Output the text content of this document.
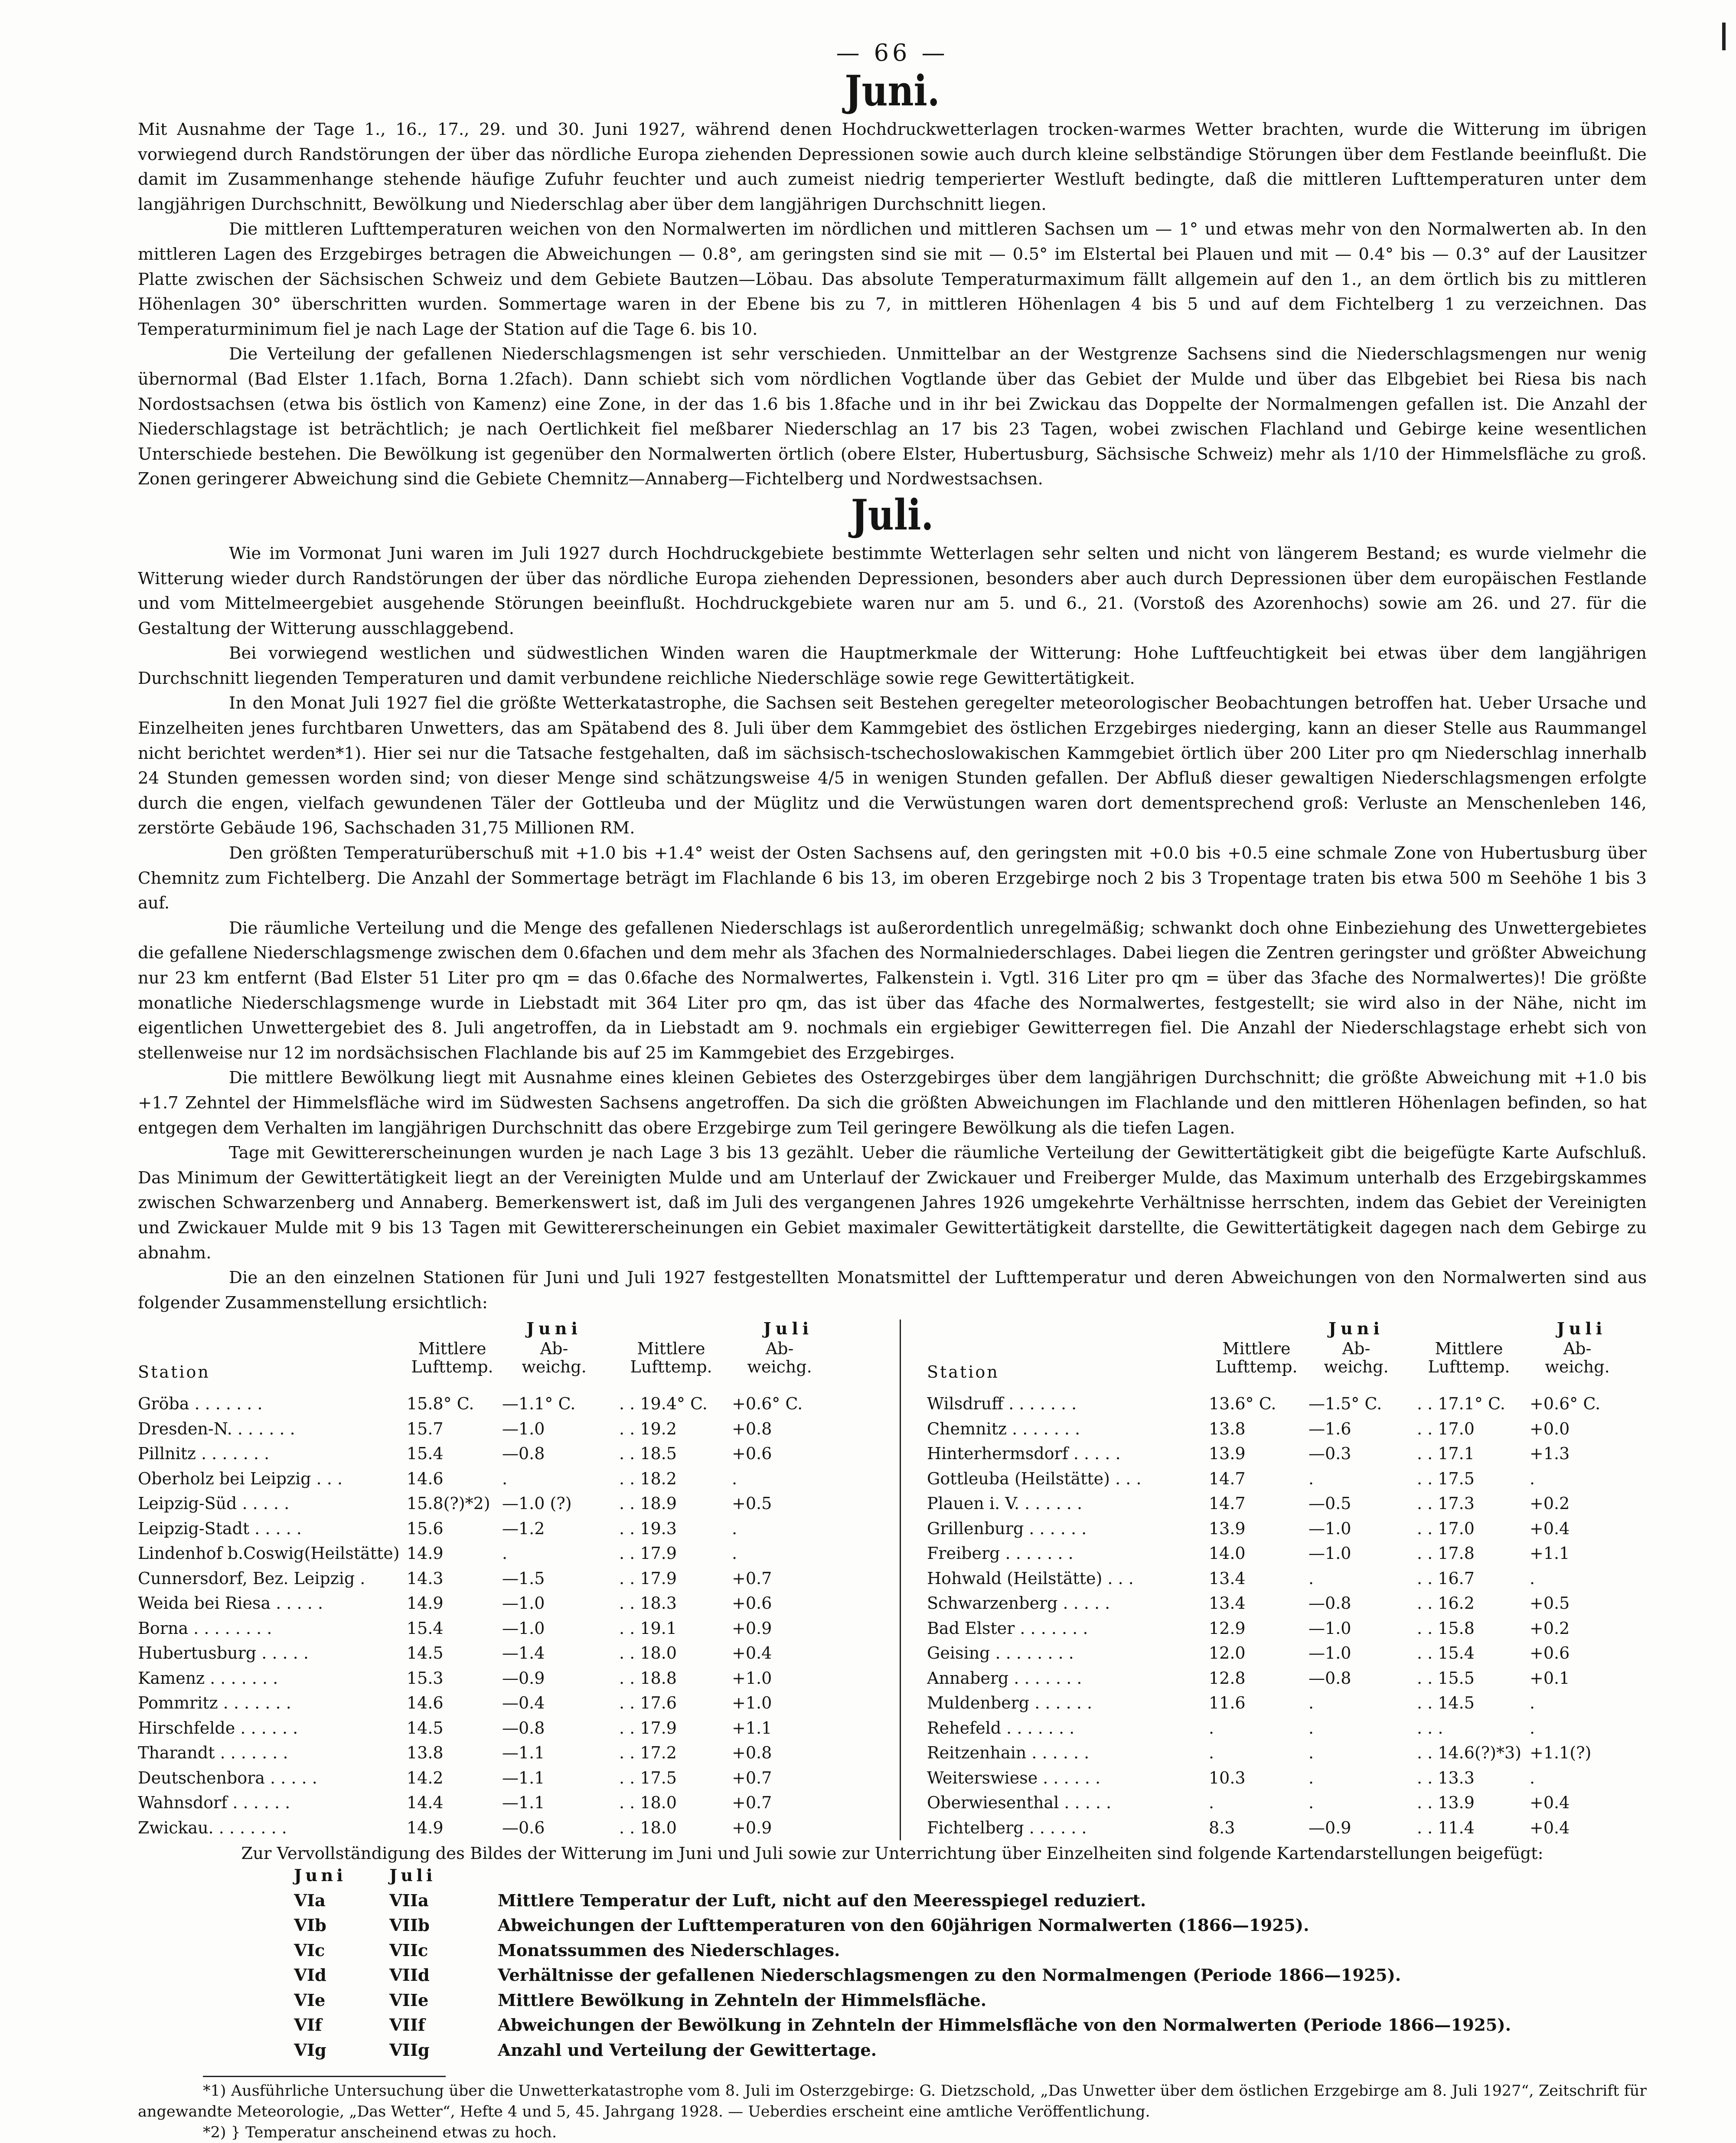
— 66 —
Juni.

Mit Ausnahme der Tage 1., 16., 17., 29. und 30. Juni 1927, während denen Hochdruckwetterlagen trocken-warmes Wetter brachten, wurde die Witterung im übrigen vorwiegend durch Randstörungen der über das nördliche Europa ziehenden Depressionen sowie auch durch kleine selbständige Störungen über dem Festlande beeinflußt. Die damit im Zusammenhange stehende häufige Zufuhr feuchter und auch zumeist niedrig temperierter Westluft bedingte, daß die mittleren Lufttemperaturen unter dem langjährigen Durchschnitt, Bewölkung und Niederschlag aber über dem langjährigen Durchschnitt liegen.

Die mittleren Lufttemperaturen weichen von den Normalwerten im nördlichen und mittleren Sachsen um — 1° und etwas mehr von den Normalwerten ab. In den mittleren Lagen des Erzgebirges betragen die Abweichungen — 0.8°, am geringsten sind sie mit — 0.5° im Elstertal bei Plauen und mit — 0.4° bis — 0.3° auf der Lausitzer Platte zwischen der Sächsischen Schweiz und dem Gebiete Bautzen—Löbau. Das absolute Temperaturmaximum fällt allgemein auf den 1., an dem örtlich bis zu mittleren Höhenlagen 30° überschritten wurden. Sommertage waren in der Ebene bis zu 7, in mittleren Höhenlagen 4 bis 5 und auf dem Fichtelberg 1 zu verzeichnen. Das Temperaturminimum fiel je nach Lage der Station auf die Tage 6. bis 10.

Die Verteilung der gefallenen Niederschlagsmengen ist sehr verschieden. Unmittelbar an der Westgrenze Sachsens sind die Niederschlagsmengen nur wenig übernormal (Bad Elster 1.1fach, Borna 1.2fach). Dann schiebt sich vom nördlichen Vogtlande über das Gebiet der Mulde und über das Elbgebiet bei Riesa bis nach Nordostsachsen (etwa bis östlich von Kamenz) eine Zone, in der das 1.6 bis 1.8fache und in ihr bei Zwickau das Doppelte der Normalmengen gefallen ist. Die Anzahl der Niederschlagstage ist beträchtlich; je nach Oertlichkeit fiel meßbarer Niederschlag an 17 bis 23 Tagen, wobei zwischen Flachland und Gebirge keine wesentlichen Unterschiede bestehen. Die Bewölkung ist gegenüber den Normalwerten örtlich (obere Elster, Hubertusburg, Sächsische Schweiz) mehr als 1/10 der Himmelsfläche zu groß. Zonen geringerer Abweichung sind die Gebiete Chemnitz—Annaberg—Fichtelberg und Nordwestsachsen.

Juli.

Wie im Vormonat Juni waren im Juli 1927 durch Hochdruckgebiete bestimmte Wetterlagen sehr selten und nicht von längerem Bestand; es wurde vielmehr die Witterung wieder durch Randstörungen der über das nördliche Europa ziehenden Depressionen, besonders aber auch durch Depressionen über dem europäischen Festlande und vom Mittelmeergebiet ausgehende Störungen beeinflußt. Hochdruckgebiete waren nur am 5. und 6., 21. (Vorstoß des Azorenhochs) sowie am 26. und 27. für die Gestaltung der Witterung ausschlaggebend.

Bei vorwiegend westlichen und südwestlichen Winden waren die Hauptmerkmale der Witterung: Hohe Luftfeuchtigkeit bei etwas über dem langjährigen Durchschnitt liegenden Temperaturen und damit verbundene reichliche Niederschläge sowie rege Gewittertätigkeit.

In den Monat Juli 1927 fiel die größte Wetterkatastrophe, die Sachsen seit Bestehen geregelter meteorologischer Beobachtungen betroffen hat. Ueber Ursache und Einzelheiten jenes furchtbaren Unwetters, das am Spätabend des 8. Juli über dem Kammgebiet des östlichen Erzgebirges niederging, kann an dieser Stelle aus Raummangel nicht berichtet werden*1). Hier sei nur die Tatsache festgehalten, daß im sächsisch-tschechoslowakischen Kammgebiet örtlich über 200 Liter pro qm Niederschlag innerhalb 24 Stunden gemessen worden sind; von dieser Menge sind schätzungsweise 4/5 in wenigen Stunden gefallen. Der Abfluß dieser gewaltigen Niederschlagsmengen erfolgte durch die engen, vielfach gewundenen Täler der Gottleuba und der Müglitz und die Verwüstungen waren dort dementsprechend groß: Verluste an Menschenleben 146, zerstörte Gebäude 196, Sachschaden 31,75 Millionen RM.

Den größten Temperaturüberschuß mit +1.0 bis +1.4° weist der Osten Sachsens auf, den geringsten mit +0.0 bis +0.5 eine schmale Zone von Hubertusburg über Chemnitz zum Fichtelberg. Die Anzahl der Sommertage beträgt im Flachlande 6 bis 13, im oberen Erzgebirge noch 2 bis 3 Tropentage traten bis etwa 500 m Seehöhe 1 bis 3 auf.

Die räumliche Verteilung und die Menge des gefallenen Niederschlags ist außerordentlich unregelmäßig; schwankt doch ohne Einbeziehung des Unwettergebietes die gefallene Niederschlagsmenge zwischen dem 0.6fachen und dem mehr als 3fachen des Normalniederschlages. Dabei liegen die Zentren geringster und größter Abweichung nur 23 km entfernt (Bad Elster 51 Liter pro qm = das 0.6fache des Normalwertes, Falkenstein i. Vgtl. 316 Liter pro qm = über das 3fache des Normalwertes)! Die größte monatliche Niederschlagsmenge wurde in Liebstadt mit 364 Liter pro qm, das ist über das 4fache des Normalwertes, festgestellt; sie wird also in der Nähe, nicht im eigentlichen Unwettergebiet des 8. Juli angetroffen, da in Liebstadt am 9. nochmals ein ergiebiger Gewitterregen fiel. Die Anzahl der Niederschlagstage erhebt sich von stellenweise nur 12 im nordsächsischen Flachlande bis auf 25 im Kammgebiet des Erzgebirges.

Die mittlere Bewölkung liegt mit Ausnahme eines kleinen Gebietes des Osterzgebirges über dem langjährigen Durchschnitt; die größte Abweichung mit +1.0 bis +1.7 Zehntel der Himmelsfläche wird im Südwesten Sachsens angetroffen. Da sich die größten Abweichungen im Flachlande und den mittleren Höhenlagen befinden, so hat entgegen dem Verhalten im langjährigen Durchschnitt das obere Erzgebirge zum Teil geringere Bewölkung als die tiefen Lagen.

Tage mit Gewittererscheinungen wurden je nach Lage 3 bis 13 gezählt. Ueber die räumliche Verteilung der Gewittertätigkeit gibt die beigefügte Karte Aufschluß. Das Minimum der Gewittertätigkeit liegt an der Vereinigten Mulde und am Unterlauf der Zwickauer und Freiberger Mulde, das Maximum unterhalb des Erzgebirgskammes zwischen Schwarzenberg und Annaberg. Bemerkenswert ist, daß im Juli des vergangenen Jahres 1926 umgekehrte Verhältnisse herrschten, indem das Gebiet der Vereinigten und Zwickauer Mulde mit 9 bis 13 Tagen mit Gewittererscheinungen ein Gebiet maximaler Gewittertätigkeit darstellte, die Gewittertätigkeit dagegen nach dem Gebirge zu abnahm.

Die an den einzelnen Stationen für Juni und Juli 1927 festgestellten Monatsmittel der Lufttemperatur und deren Abweichungen von den Normalwerten sind aus folgender Zusammenstellung ersichtlich:

Juni	Juli
Mittlere Lufttemp.
Ab- weichg.
Mittlere Lufttemp.
Ab- weichg.
Station
Gröba . . . . . . .	15.8° C.	—1.1° C.	. . 19.4° C.	+0.6° C.
Dresden-N. . . . . . .	15.7	—1.0	. . 19.2	+0.8
Pillnitz . . . . . . .	15.4	—0.8	. . 18.5	+0.6
Oberholz bei Leipzig . . .	14.6	.	. . 18.2	.
Leipzig-Süd . . . . .	15.8(?)*2) —1.0 (?)	. . 18.9	+0.5
Leipzig-Stadt . . . . .	15.6	—1.2	. . 19.3	.
Lindenhof b.Coswig(Heilstätte) 14.9	.	. . 17.9	.
Cunnersdorf, Bez. Leipzig .	14.3	—1.5	. . 17.9	+0.7
Weida bei Riesa . . . . .	14.9	—1.0	. . 18.3	+0.6
Borna . . . . . . . .	15.4	—1.0	. . 19.1	+0.9
Hubertusburg . . . . .	14.5	—1.4	. . 18.0	+0.4
Kamenz . . . . . . .	15.3	—0.9	. . 18.8	+1.0
Pommritz . . . . . . .	14.6	—0.4	. . 17.6	+1.0
Hirschfelde . . . . . .	14.5	—0.8	. . 17.9	+1.1
Tharandt . . . . . . .	13.8	—1.1	. . 17.2	+0.8
Deutschenbora . . . . .	14.2	—1.1	. . 17.5	+0.7
Wahnsdorf . . . . . .	14.4	—1.1	. . 18.0	+0.7
Zwickau. . . . . . . .	14.9	—0.6	. . 18.0	+0.9
Juni	Juli
Mittlere Lufttemp.
Ab- weichg.
Mittlere Lufttemp.
Ab- weichg.
Station
Wilsdruff . . . . . . .	13.6° C.	—1.5° C.	. . 17.1° C.	+0.6° C.
Chemnitz . . . . . . .	13.8	—1.6	. . 17.0	+0.0
Hinterhermsdorf . . . . .	13.9	—0.3	. . 17.1	+1.3
Gottleuba (Heilstätte) . . .	14.7	.	. . 17.5	.
Plauen i. V. . . . . . .	14.7	—0.5	. . 17.3	+0.2
Grillenburg . . . . . .	13.9	—1.0	. . 17.0	+0.4
Freiberg . . . . . . .	14.0	—1.0	. . 17.8	+1.1
Hohwald (Heilstätte) . . .	13.4	.	. . 16.7	.
Schwarzenberg . . . . .	13.4	—0.8	. . 16.2	+0.5
Bad Elster . . . . . . .	12.9	—1.0	. . 15.8	+0.2
Geising . . . . . . . .	12.0	—1.0	. . 15.4	+0.6
Annaberg . . . . . . .	12.8	—0.8	. . 15.5	+0.1
Muldenberg . . . . . .	11.6	.	. . 14.5	.
Rehefeld . . . . . . .	.	.	. . .	.
Reitzenhain . . . . . .	.	.	. . 14.6(?)*3) +1.1(?)
Weiterswiese . . . . . .	10.3	.	. . 13.3	.
Oberwiesenthal . . . . .	.	.	. . 13.9	+0.4
Fichtelberg . . . . . .	8.3	—0.9	. . 11.4	+0.4
Zur Vervollständigung des Bildes der Witterung im Juni und Juli sowie zur Unterrichtung über Einzelheiten sind folgende Kartendarstellungen beigefügt:
Juni	Juli
VIa	VIIa	Mittlere Temperatur der Luft, nicht auf den Meeresspiegel reduziert.
VIb	VIIb	Abweichungen der Lufttemperaturen von den 60jährigen Normalwerten (1866—1925).
VIc	VIIc	Monatssummen des Niederschlages.
VId	VIId	Verhältnisse der gefallenen Niederschlagsmengen zu den Normalmengen (Periode 1866—1925).
VIe	VIIe	Mittlere Bewölkung in Zehnteln der Himmelsfläche.
VIf	VIIf	Abweichungen der Bewölkung in Zehnteln der Himmelsfläche von den Normalwerten (Periode 1866—1925).
VIg	VIIg	Anzahl und Verteilung der Gewittertage.

*1) Ausführliche Untersuchung über die Unwetterkatastrophe vom 8. Juli im Osterzgebirge: G. Dietzschold, „Das Unwetter über dem östlichen Erzgebirge am 8. Juli 1927“, Zeitschrift für angewandte Meteorologie, „Das Wetter“, Hefte 4 und 5, 45. Jahrgang 1928. — Ueberdies erscheint eine amtliche Veröffentlichung.

*2) } Temperatur anscheinend etwas zu hoch.
